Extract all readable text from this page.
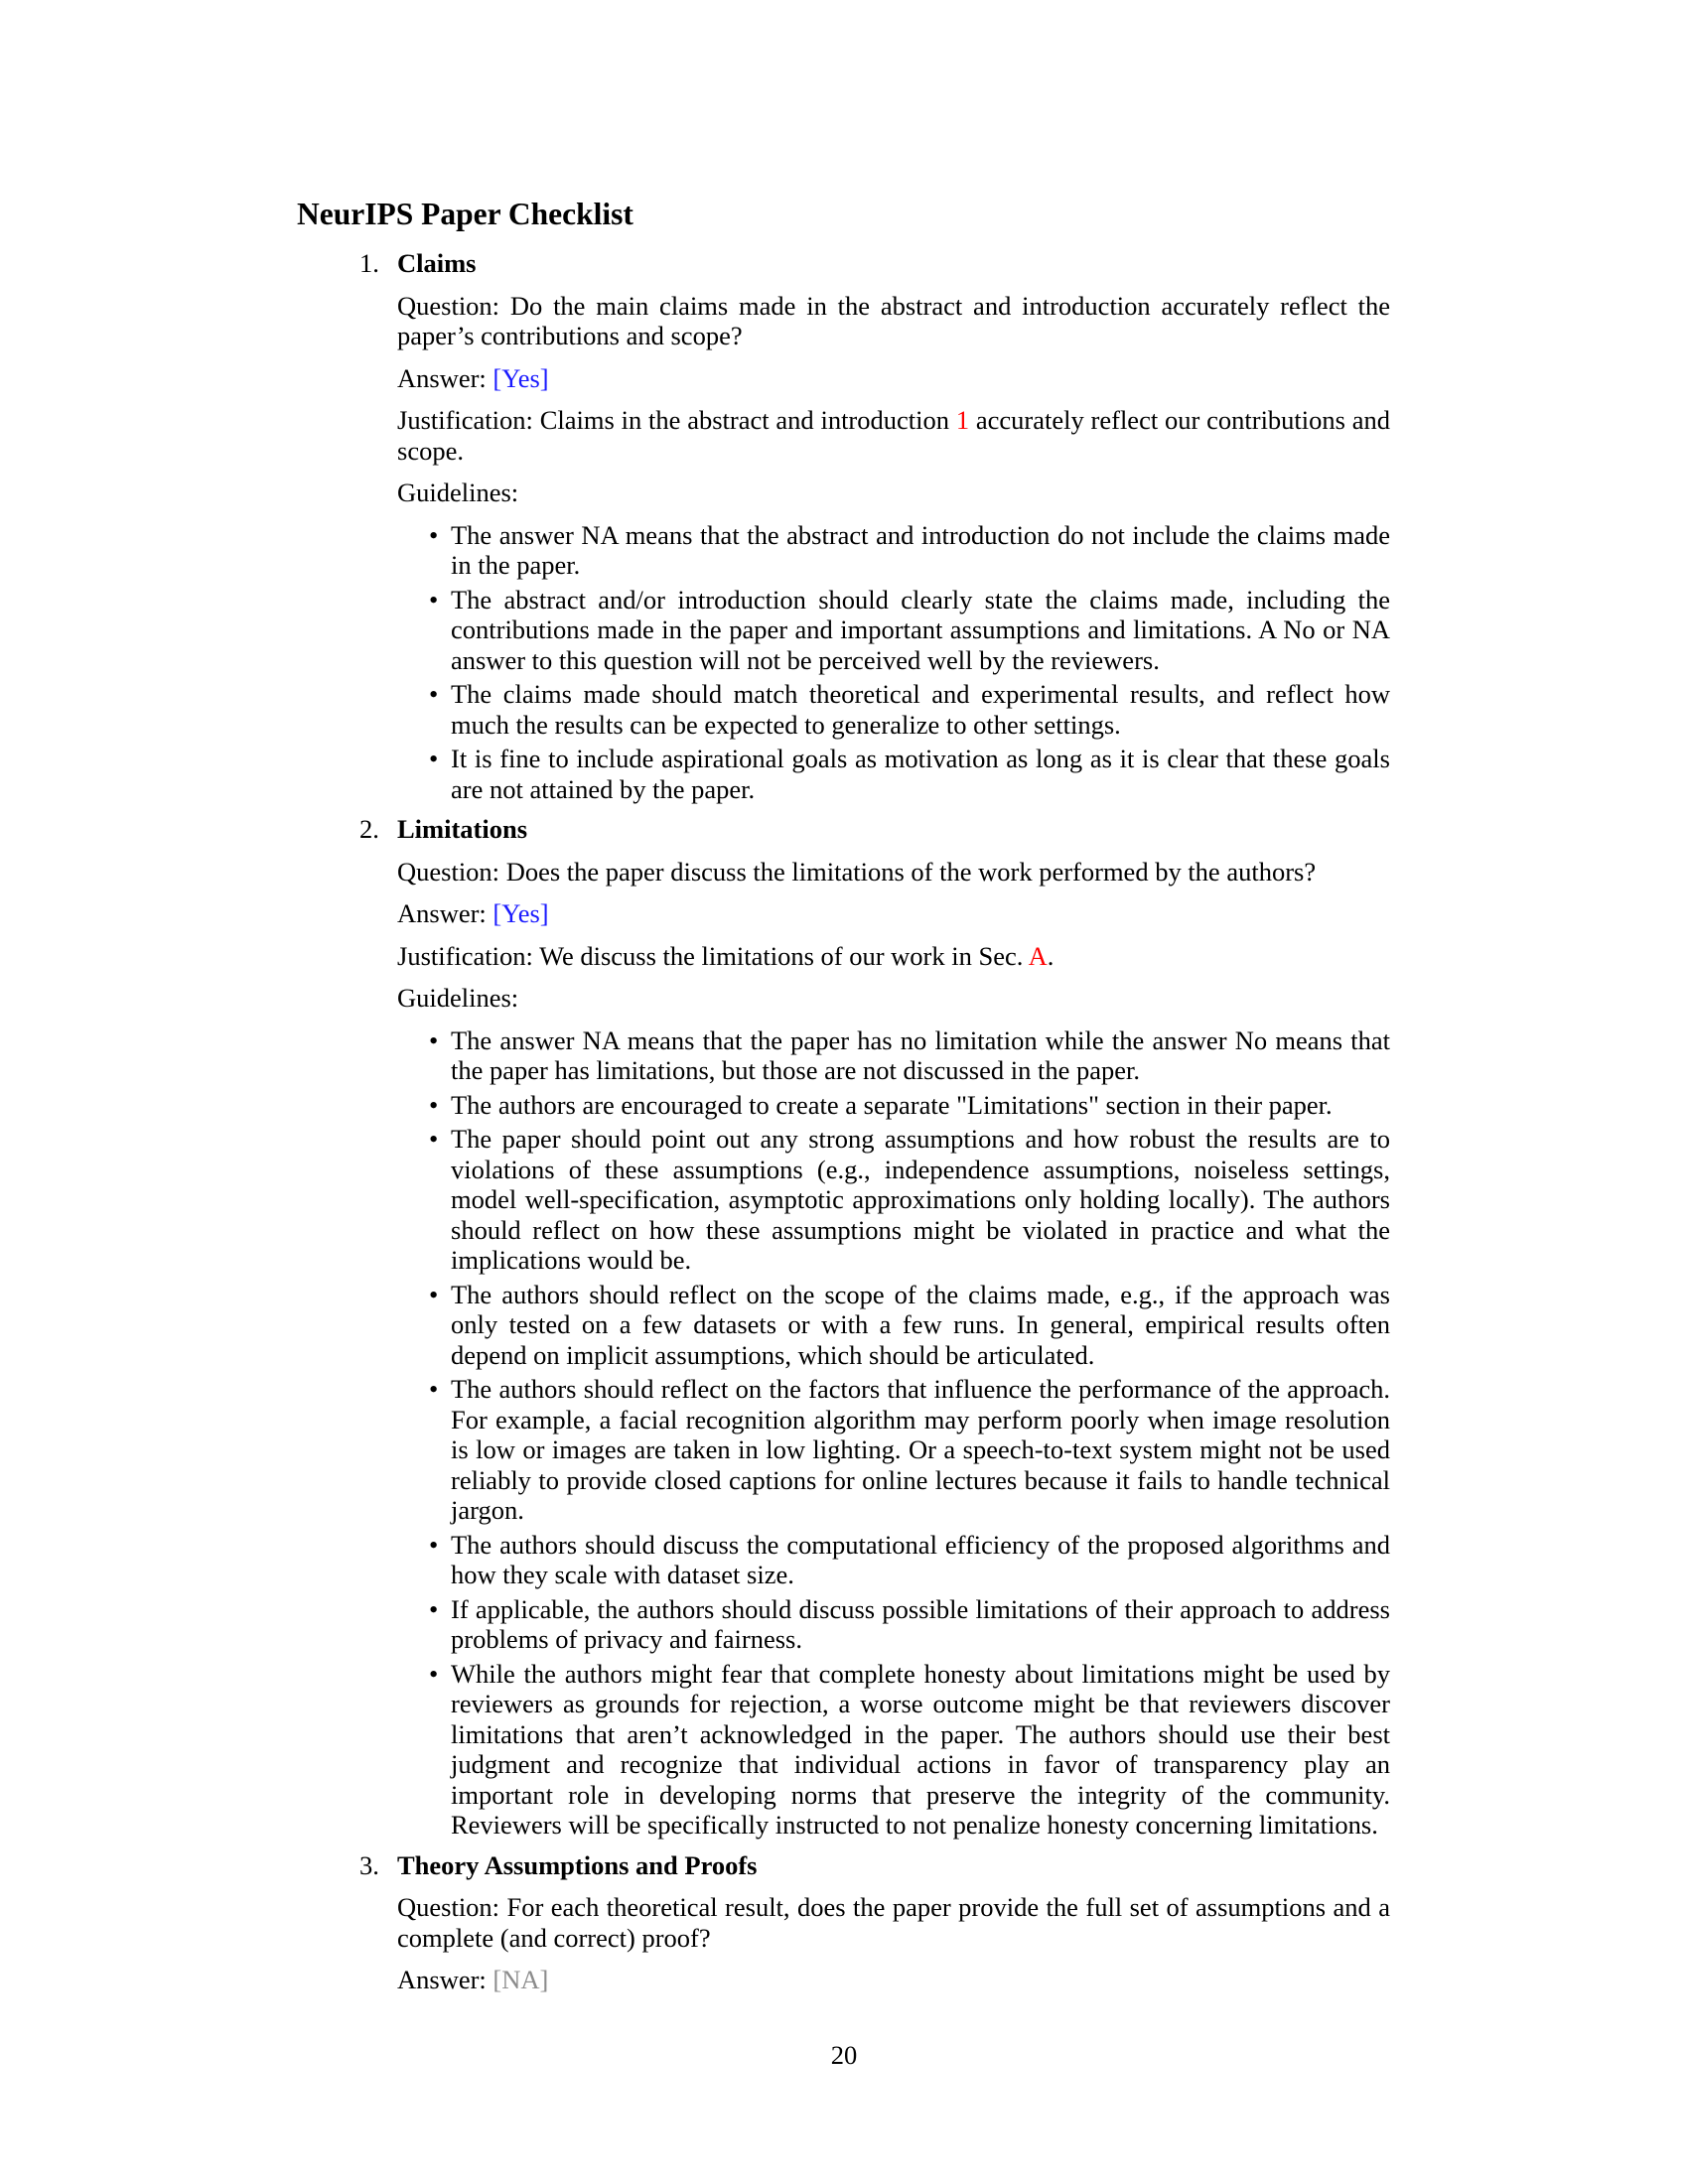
NeurIPS Paper Checklist
1. Claims

Question: Do the main claims made in the abstract and introduction accurately reflect the paper’s contributions and scope?

Answer: [Yes]

Justification: Claims in the abstract and introduction 1 accurately reflect our contributions and scope.

Guidelines:

• The answer NA means that the abstract and introduction do not include the claims made in the paper.
• The abstract and/or introduction should clearly state the claims made, including the contributions made in the paper and important assumptions and limitations. A No or NA answer to this question will not be perceived well by the reviewers.
• The claims made should match theoretical and experimental results, and reflect how much the results can be expected to generalize to other settings.
• It is fine to include aspirational goals as motivation as long as it is clear that these goals are not attained by the paper.
2. Limitations

Question: Does the paper discuss the limitations of the work performed by the authors?

Answer: [Yes]

Justification: We discuss the limitations of our work in Sec. A.

Guidelines:

• The answer NA means that the paper has no limitation while the answer No means that the paper has limitations, but those are not discussed in the paper.
• The authors are encouraged to create a separate "Limitations" section in their paper.
• The paper should point out any strong assumptions and how robust the results are to violations of these assumptions (e.g., independence assumptions, noiseless settings, model well-specification, asymptotic approximations only holding locally). The authors should reflect on how these assumptions might be violated in practice and what the implications would be.
• The authors should reflect on the scope of the claims made, e.g., if the approach was only tested on a few datasets or with a few runs. In general, empirical results often depend on implicit assumptions, which should be articulated.
• The authors should reflect on the factors that influence the performance of the approach. For example, a facial recognition algorithm may perform poorly when image resolution is low or images are taken in low lighting. Or a speech-to-text system might not be used reliably to provide closed captions for online lectures because it fails to handle technical jargon.
• The authors should discuss the computational efficiency of the proposed algorithms and how they scale with dataset size.
• If applicable, the authors should discuss possible limitations of their approach to address problems of privacy and fairness.
• While the authors might fear that complete honesty about limitations might be used by reviewers as grounds for rejection, a worse outcome might be that reviewers discover limitations that aren’t acknowledged in the paper. The authors should use their best judgment and recognize that individual actions in favor of transparency play an important role in developing norms that preserve the integrity of the community. Reviewers will be specifically instructed to not penalize honesty concerning limitations.
3. Theory Assumptions and Proofs

Question: For each theoretical result, does the paper provide the full set of assumptions and a complete (and correct) proof?

Answer: [NA]

20
